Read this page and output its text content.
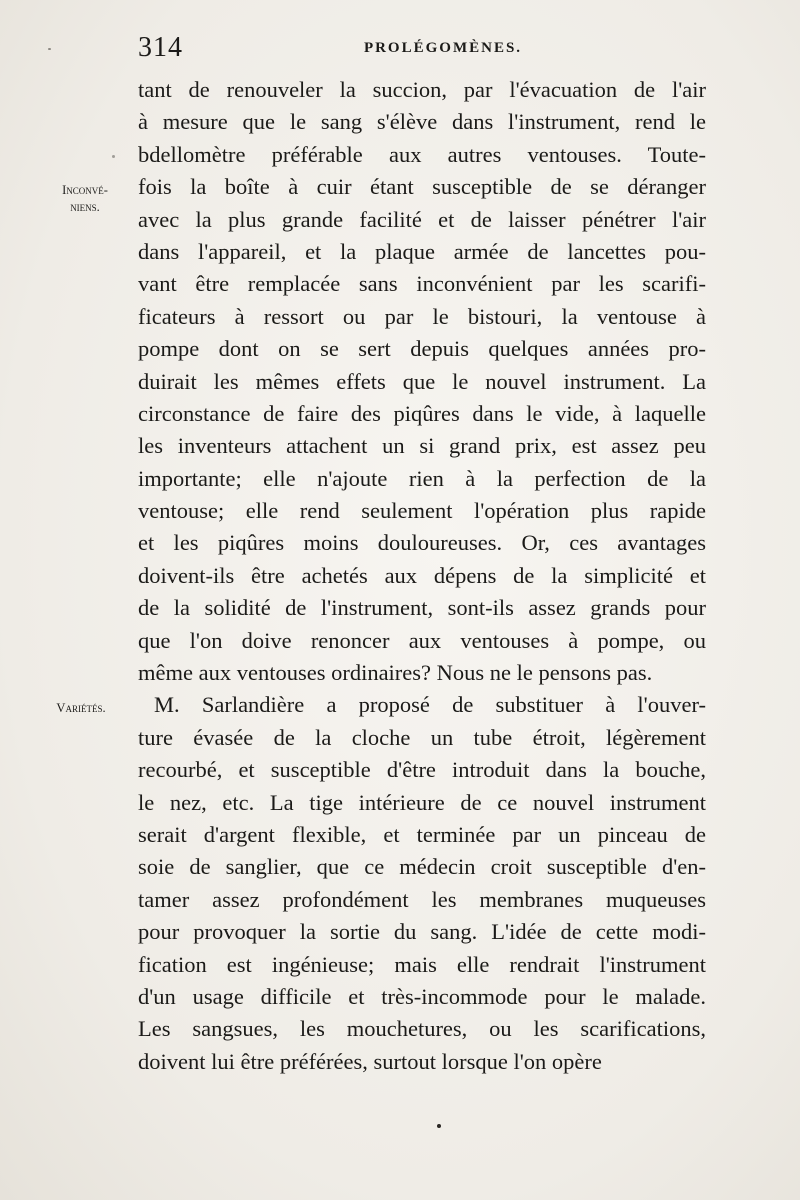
314	PROLÉGOMÈNES.
Inconvé-
niens.
Variétés.
tant de renouveler la succion, par l'évacuation de l'air
à mesure que le sang s'élève dans l'instrument, rend le
bdellomètre préférable aux autres ventouses. Toute-
fois la boîte à cuir étant susceptible de se déranger
avec la plus grande facilité et de laisser pénétrer l'air
dans l'appareil, et la plaque armée de lancettes pou-
vant être remplacée sans inconvénient par les scarifi-
ficateurs à ressort ou par le bistouri, la ventouse à
pompe dont on se sert depuis quelques années pro-
duirait les mêmes effets que le nouvel instrument. La
circonstance de faire des piqûres dans le vide, à laquelle
les inventeurs attachent un si grand prix, est assez peu
importante; elle n'ajoute rien à la perfection de la
ventouse; elle rend seulement l'opération plus rapide
et les piqûres moins douloureuses. Or, ces avantages
doivent-ils être achetés aux dépens de la simplicité et
de la solidité de l'instrument, sont-ils assez grands pour
que l'on doive renoncer aux ventouses à pompe, ou
même aux ventouses ordinaires? Nous ne le pensons pas.
M. Sarlandière a proposé de substituer à l'ouver-
ture évasée de la cloche un tube étroit, légèrement
recourbé, et susceptible d'être introduit dans la bouche,
le nez, etc. La tige intérieure de ce nouvel instrument
serait d'argent flexible, et terminée par un pinceau de
soie de sanglier, que ce médecin croit susceptible d'en-
tamer assez profondément les membranes muqueuses
pour provoquer la sortie du sang. L'idée de cette modi-
fication est ingénieuse; mais elle rendrait l'instrument
d'un usage difficile et très-incommode pour le malade.
Les sangsues, les mouchetures, ou les scarifications,
doivent lui être préférées, surtout lorsque l'on opère
